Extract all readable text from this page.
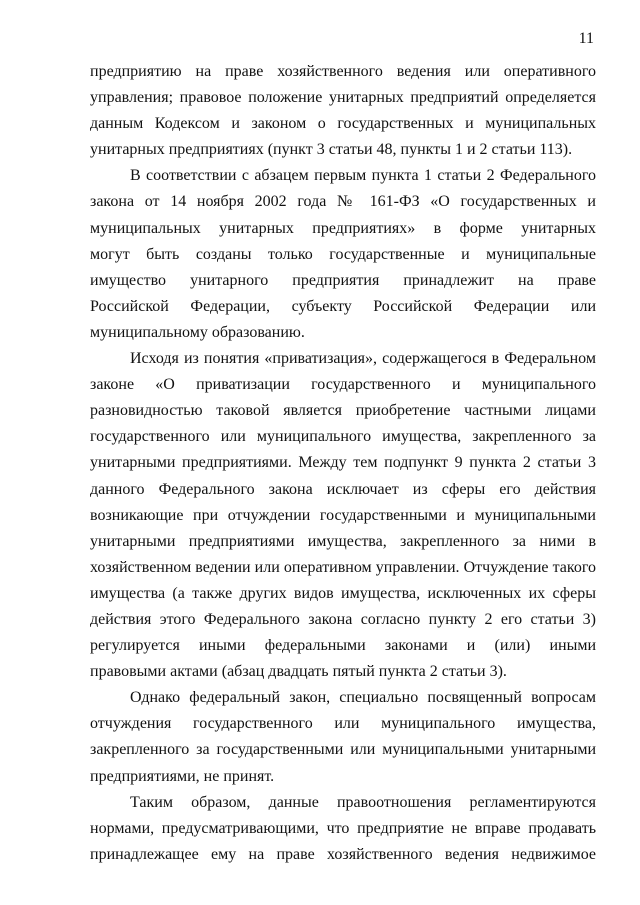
11
предприятию на праве хозяйственного ведения или оперативного
управления; правовое положение унитарных предприятий определяется
данным Кодексом и законом о государственных и муниципальных
унитарных предприятиях (пункт 3 статьи 48, пункты 1 и 2 статьи 113).
В соответствии с абзацем первым пункта 1 статьи 2 Федерального
закона от 14 ноября 2002 года № 161-ФЗ «О государственных и
муниципальных унитарных предприятиях» в форме унитарных
могут быть созданы только государственные и муниципальные
имущество унитарного предприятия принадлежит на праве
Российской Федерации, субъекту Российской Федерации или
муниципальному образованию.
Исходя из понятия «приватизация», содержащегося в Федеральном
законе «О приватизации государственного и муниципального
разновидностью таковой является приобретение частными лицами
государственного или муниципального имущества, закрепленного за
унитарными предприятиями. Между тем подпункт 9 пункта 2 статьи 3
данного Федерального закона исключает из сферы его действия
возникающие при отчуждении государственными и муниципальными
унитарными предприятиями имущества, закрепленного за ними в
хозяйственном ведении или оперативном управлении. Отчуждение такого
имущества (а также других видов имущества, исключенных их сферы
действия этого Федерального закона согласно пункту 2 его статьи 3)
регулируется иными федеральными законами и (или) иными
правовыми актами (абзац двадцать пятый пункта 2 статьи 3).
Однако федеральный закон, специально посвященный вопросам
отчуждения государственного или муниципального имущества,
закрепленного за государственными или муниципальными унитарными
предприятиями, не принят.
Таким образом, данные правоотношения регламентируются
нормами, предусматривающими, что предприятие не вправе продавать
принадлежащее ему на праве хозяйственного ведения недвижимое
